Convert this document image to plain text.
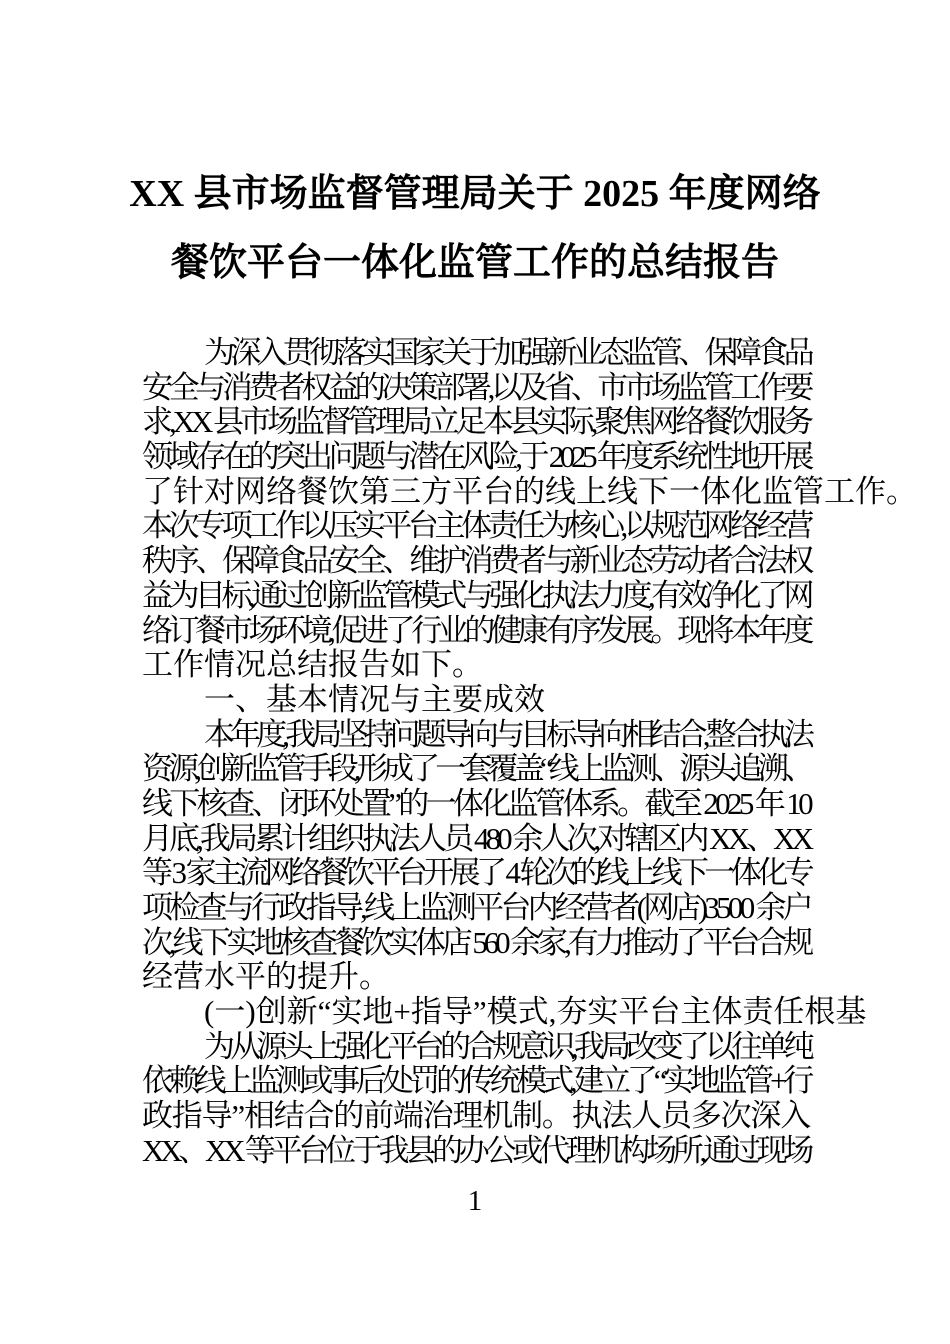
XX 县市场监督管理局关于 2025 年度网络
餐饮平台一体化监管工作的总结报告
为深入贯彻落实国家关于加强新业态监管、保障食品
安全与消费者权益的决策部署,以及省、市市场监管工作要
求,XX 县市场监督管理局立足本县实际,聚焦网络餐饮服务
领域存在的突出问题与潜在风险,于 2025 年度系统性地开展
了针对网络餐饮第三方平台的线上线下一体化监管工作。
本次专项工作以压实平台主体责任为核心,以规范网络经营
秩序、保障食品安全、维护消费者与新业态劳动者合法权
益为目标,通过创新监管模式与强化执法力度,有效净化了网
络订餐市场环境,促进了行业的健康有序发展。现将本年度
工作情况总结报告如下。
一、基本情况与主要成效
本年度,我局坚持问题导向与目标导向相结合,整合执法
资源,创新监管手段,形成了一套覆盖“线上监测、源头追溯、
线下核查、闭环处置”的一体化监管体系。截至 2025 年 10
月底,我局累计组织执法人员 480 余人次,对辖区内 XX、XX
等 3 家主流网络餐饮平台开展了 4 轮次的线上线下一体化专
项检查与行政指导,线上监测平台内经营者(网店)3500 余户
次,线下实地核查餐饮实体店 560 余家,有力推动了平台合规
经营水平的提升。
(一)创新“实地+指导”模式,夯实平台主体责任根基
为从源头上强化平台的合规意识,我局改变了以往单纯
依赖线上监测或事后处罚的传统模式,建立了“实地监管+行
政指导”相结合的前端治理机制。执法人员多次深入
XX、XX 等平台位于我县的办公或代理机构场所,通过现场
1
